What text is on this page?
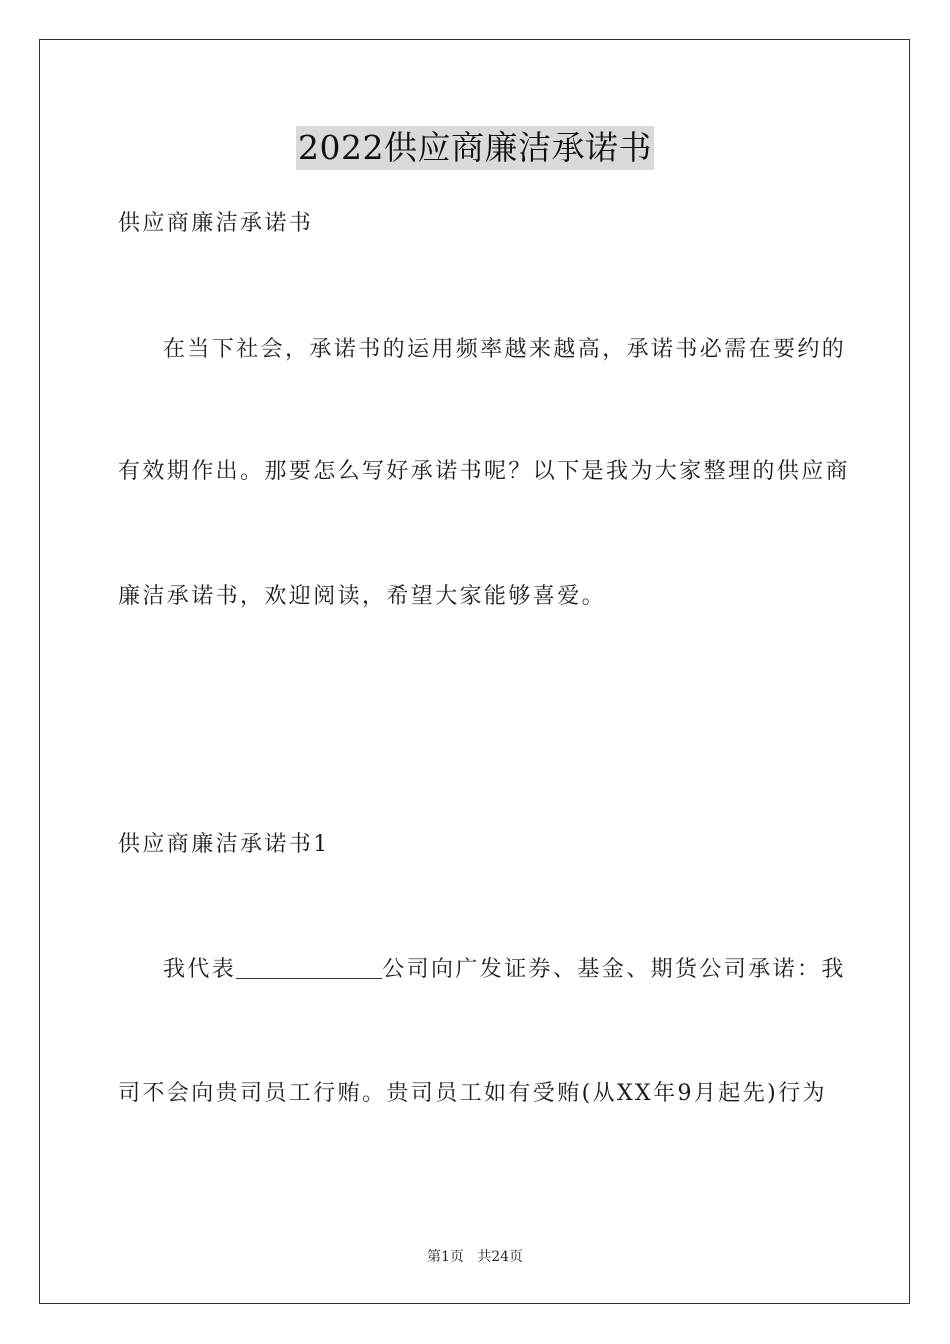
2022供应商廉洁承诺书
供应商廉洁承诺书
在当下社会，承诺书的运用频率越来越高，承诺书必需在要约的
有效期作出。那要怎么写好承诺书呢？以下是我为大家整理的供应商
廉洁承诺书，欢迎阅读，希望大家能够喜爱。
供应商廉洁承诺书1
我代表	公司向广发证券、基金、期货公司承诺：我
司不会向贵司员工行贿。贵司员工如有受贿(从XX年9月起先)行为
第1页   共24页
